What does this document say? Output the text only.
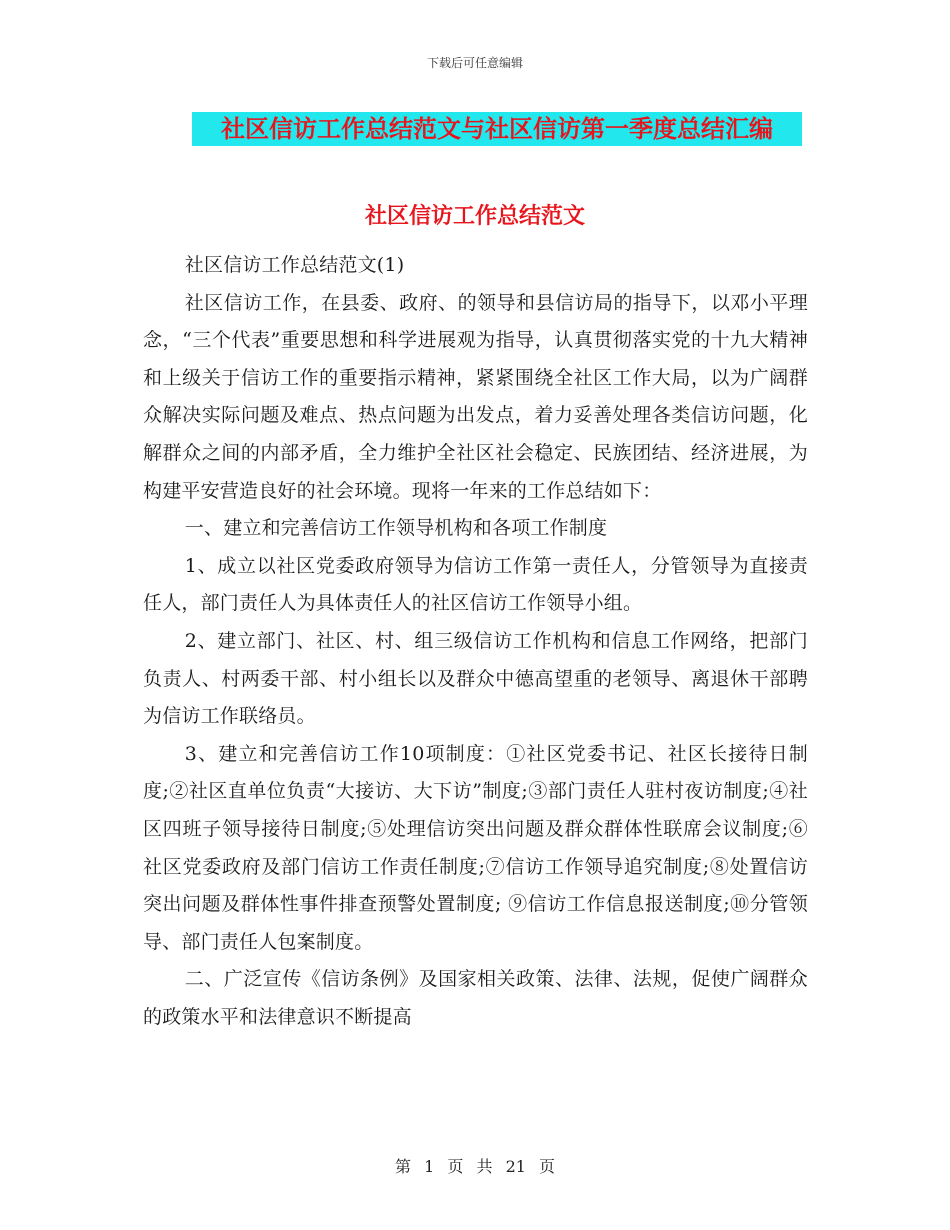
下载后可任意编辑
社区信访工作总结范文与社区信访第一季度总结汇编
社区信访工作总结范文

社区信访工作总结范文(1)

社区信访工作，在县委、政府、的领导和县信访局的指导下，以邓小平理念，“三个代表”重要思想和科学进展观为指导，认真贯彻落实党的十九大精神和上级关于信访工作的重要指示精神，紧紧围绕全社区工作大局，以为广阔群众解决实际问题及难点、热点问题为出发点，着力妥善处理各类信访问题，化解群众之间的内部矛盾，全力维护全社区社会稳定、民族团结、经济进展，为构建平安营造良好的社会环境。现将一年来的工作总结如下：

一、建立和完善信访工作领导机构和各项工作制度

1、成立以社区党委政府领导为信访工作第一责任人，分管领导为直接责任人，部门责任人为具体责任人的社区信访工作领导小组。

2、建立部门、社区、村、组三级信访工作机构和信息工作网络，把部门负责人、村两委干部、村小组长以及群众中德高望重的老领导、离退休干部聘为信访工作联络员。

3、建立和完善信访工作10项制度：①社区党委书记、社区长接待日制度;②社区直单位负责“大接访、大下访”制度;③部门责任人驻村夜访制度;④社区四班子领导接待日制度;⑤处理信访突出问题及群众群体性联席会议制度;⑥社区党委政府及部门信访工作责任制度;⑦信访工作领导追究制度;⑧处置信访突出问题及群体性事件排查预警处置制度; ⑨信访工作信息报送制度;⑩分管领导、部门责任人包案制度。

二、广泛宣传《信访条例》及国家相关政策、法律、法规，促使广阔群众的政策水平和法律意识不断提高

第 1 页 共 21 页
